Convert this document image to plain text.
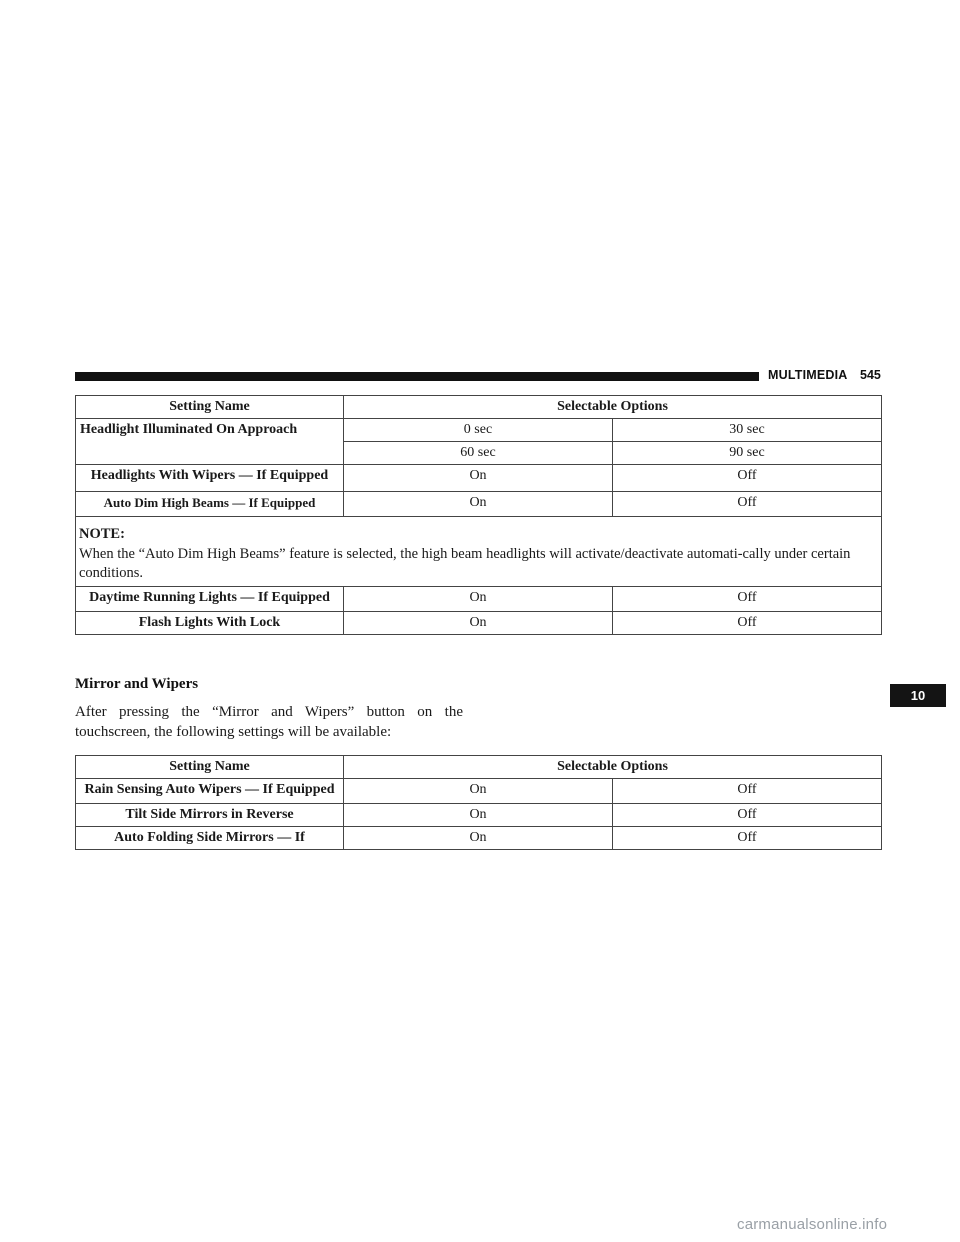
MULTIMEDIA 545
10
Setting Name	Selectable Options	
Headlight Illuminated On Approach	0 sec	30 sec
	60 sec	90 sec
Headlights With Wipers — If Equipped	On	Off
Auto Dim High Beams — If Equipped	On	Off

NOTE:
When the “Auto Dim High Beams” feature is selected, the high beam headlights will activate/deactivate automati-cally under certain conditions.		
Daytime Running Lights — If Equipped	On	Off
Flash Lights With Lock	On	Off
Mirror and Wipers
After pressing the “Mirror and Wipers” button on the touchscreen, the following settings will be available:
Setting Name	Selectable Options	
Rain Sensing Auto Wipers — If Equipped	On	Off
Tilt Side Mirrors in Reverse	On	Off
Auto Folding Side Mirrors — If	On	Off
carmanualsonline.info
